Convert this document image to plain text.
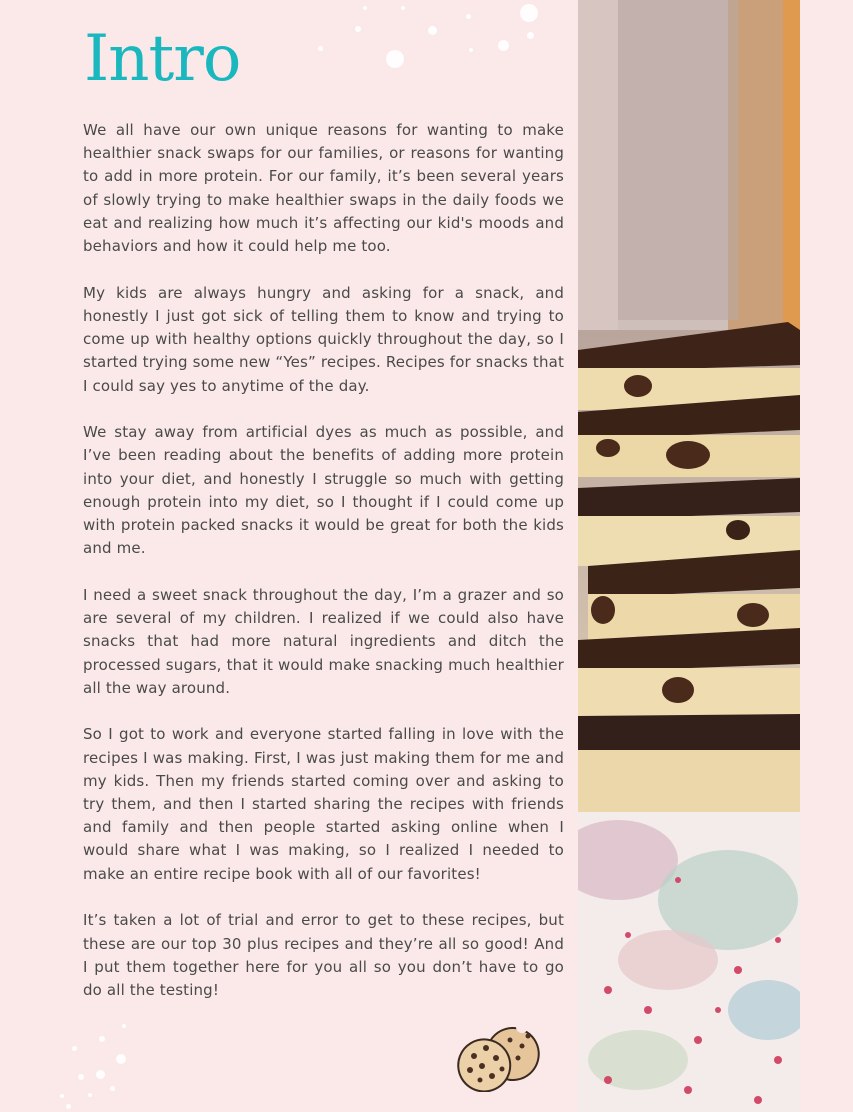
Intro

We all have our own unique reasons for wanting to make healthier snack swaps for our families, or reasons for wanting to add in more protein. For our family, it’s been several years of slowly trying to make healthier swaps in the daily foods we eat and realizing how much it’s affecting our kid's moods and behaviors and how it could help me too.

My kids are always hungry and asking for a snack, and honestly I just got sick of telling them to know and trying to come up with healthy options quickly throughout the day, so I started trying some new “Yes” recipes. Recipes for snacks that I could say yes to anytime of the day.

We stay away from artificial dyes as much as possible, and I’ve been reading about the benefits of adding more protein into your diet, and honestly I struggle so much with getting enough protein into my diet, so I thought if I could come up with protein packed snacks it would be great for both the kids and me.

I need a sweet snack throughout the day, I’m a grazer and so are several of my children. I realized if we could also have snacks that had more natural ingredients and ditch the processed sugars, that it would make snacking much healthier all the way around.

So I got to work and everyone started falling in love with the recipes I was making. First, I was just making them for me and my kids. Then my friends started coming over and asking to try them, and then I started sharing the recipes with friends and family and then people started asking online when I would share what I was making, so I realized I needed to make an entire recipe book with all of our favorites!

It’s taken a lot of trial and error to get to these recipes, but these are our top 30 plus recipes and they’re all so good! And I put them together here for you all so you don’t have to go do all the testing!
